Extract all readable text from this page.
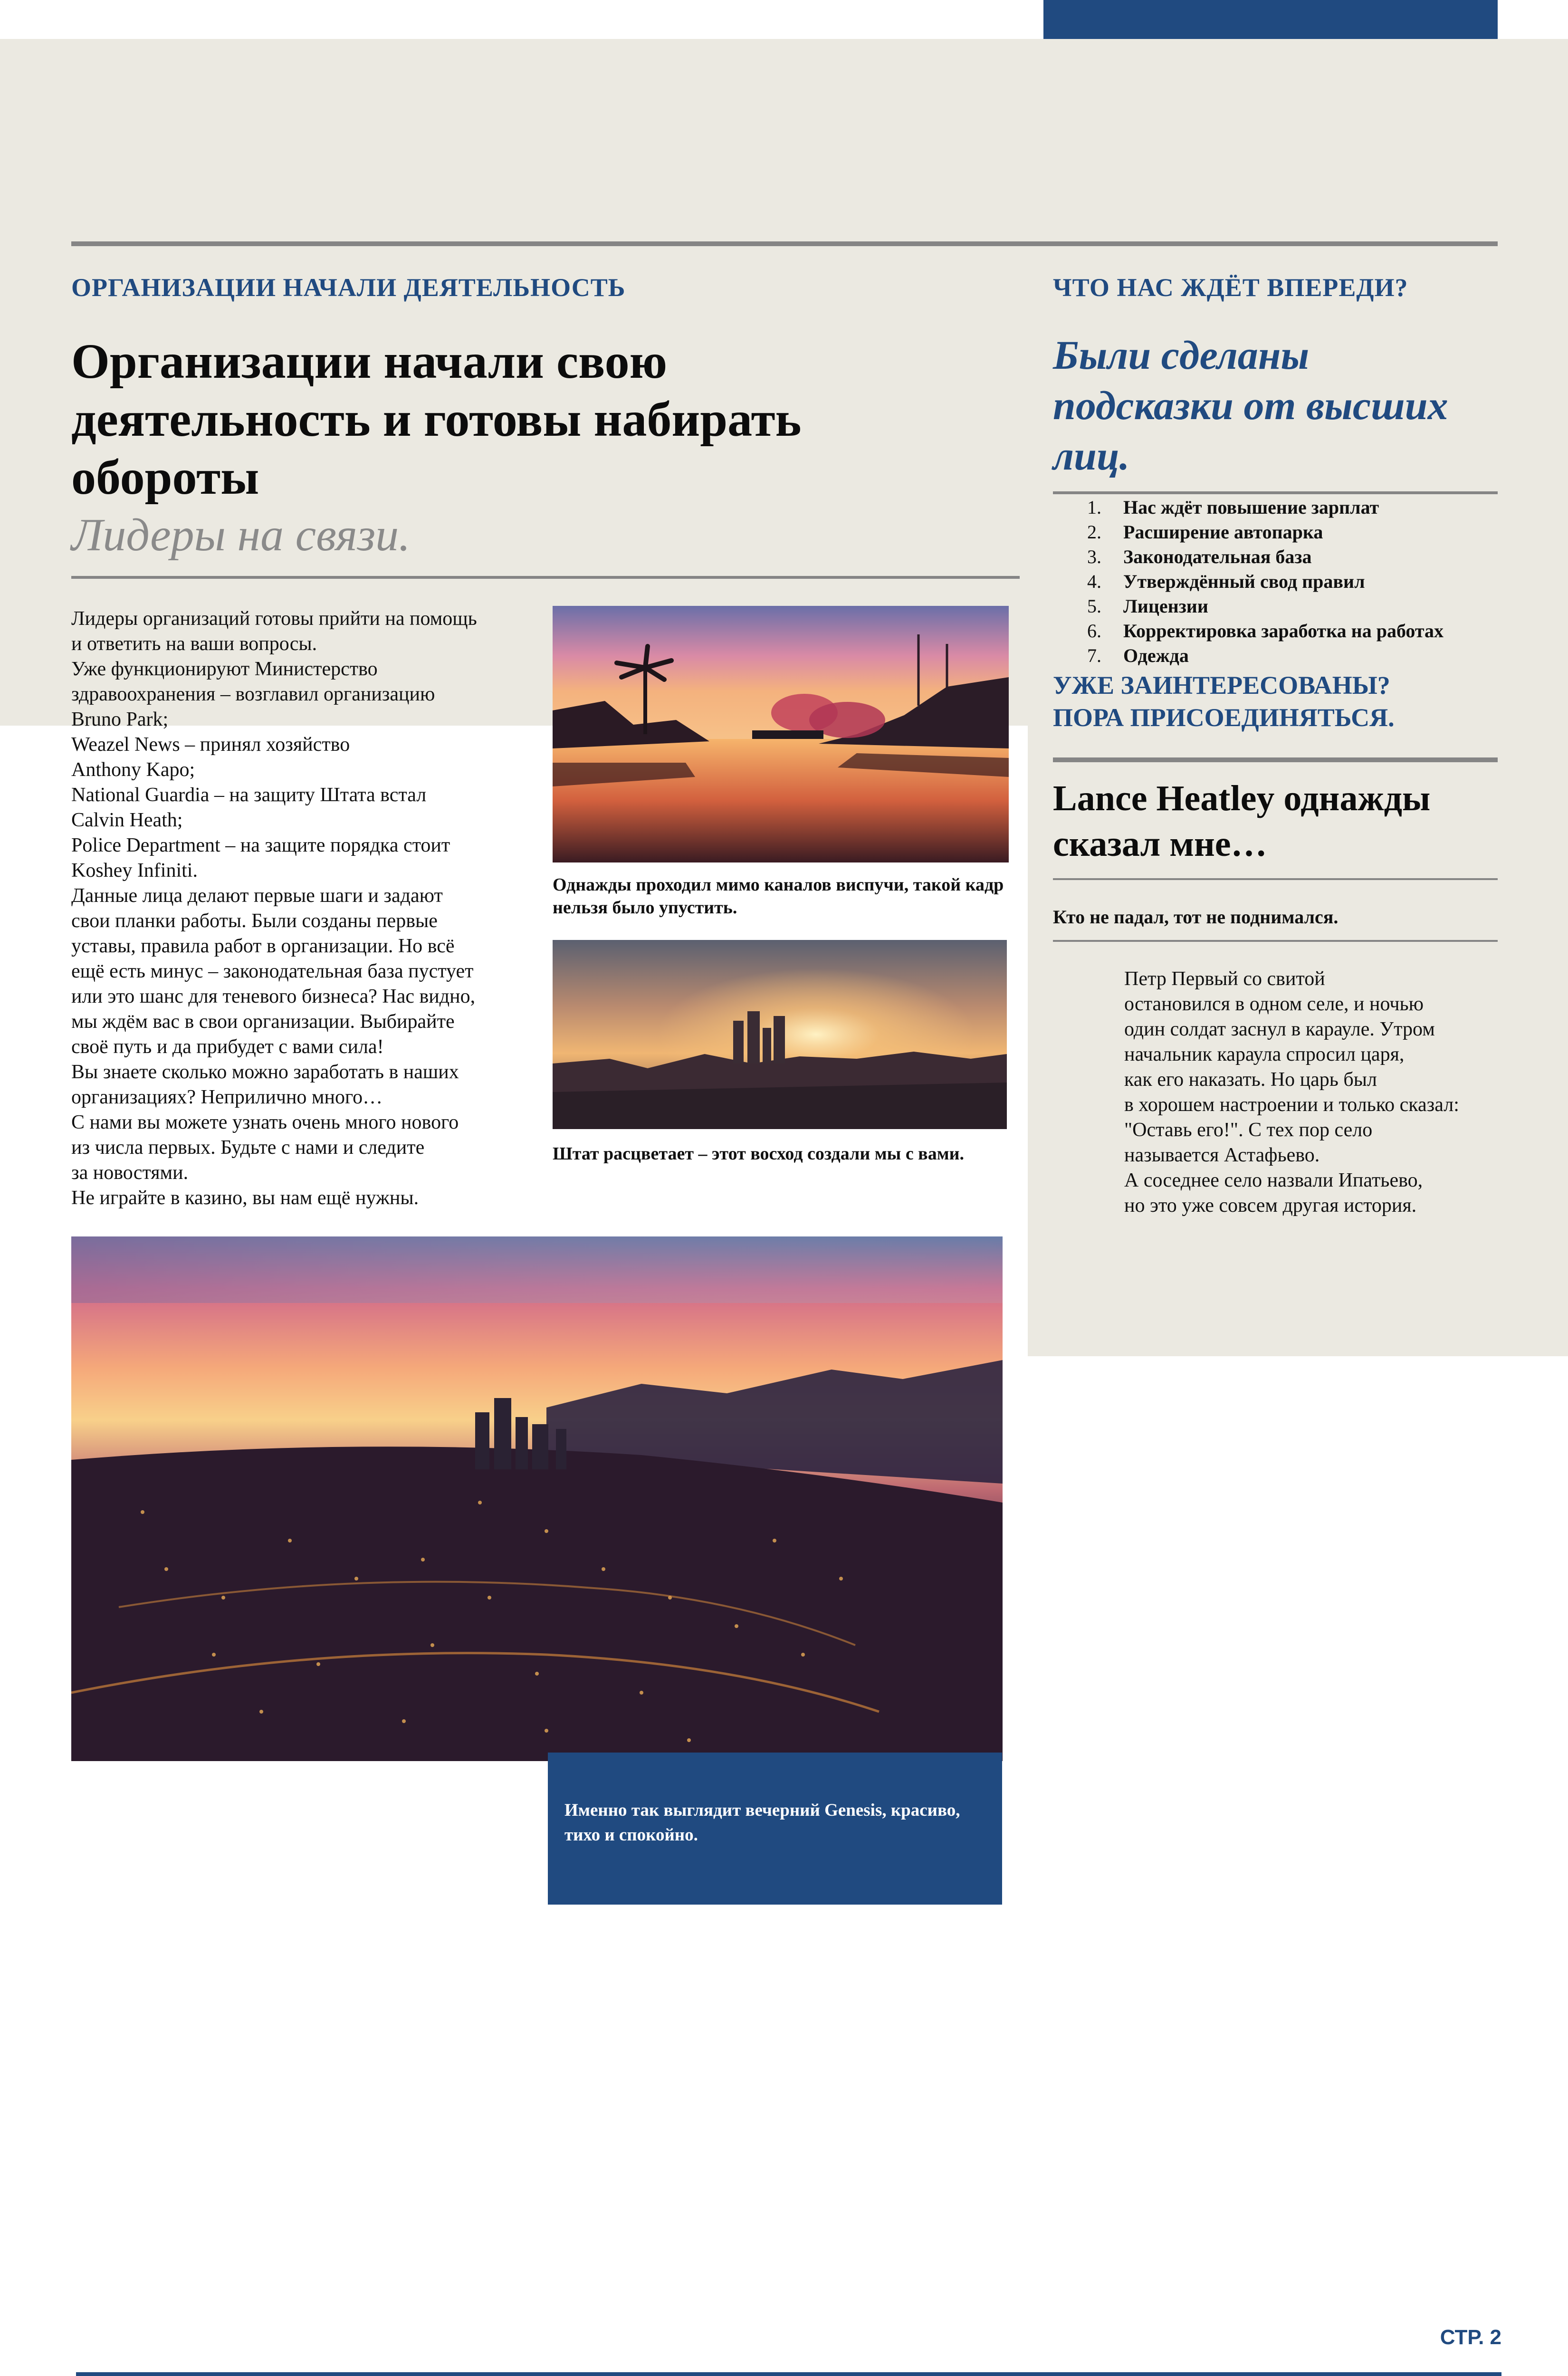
ОРГАНИЗАЦИИ НАЧАЛИ ДЕЯТЕЛЬНОСТЬ
Организации начали свою деятельность и готовы набирать обороты
Лидеры на связи.

Лидеры организаций готовы прийти на помощь

и ответить на ваши вопросы.

Уже функционируют Министерство

здравоохранения – возглавил организацию

Bruno Park;

Weazel News – принял хозяйство

Anthony Kapo;

National Guardia – на защиту Штата встал

Calvin Heath;

Police Department – на защите порядка стоит

Koshey Infiniti.

Данные лица делают первые шаги и задают

свои планки работы. Были созданы первые

уставы, правила работ в организации. Но всё

ещё есть минус – законодательная база пустует

или это шанс для теневого бизнеса? Нас видно,

мы ждём вас в свои организации. Выбирайте

своё путь и да прибудет с вами сила!

Вы знаете сколько можно заработать в наших

организациях? Неприлично много…

С нами вы можете узнать очень много нового

из числа первых. Будьте с нами и следите

за новостями.

Не играйте в казино, вы нам ещё нужны.

Однажды проходил мимо каналов виспучи, такой кадр нельзя было упустить.
Штат расцветает – этот восход создали мы с вами.
Именно так выглядит вечерний Genesis, красиво, тихо и спокойно.
ЧТО НАС ЖДЁТ ВПЕРЕДИ?
Были сделаны подсказки от высших лиц.
1.	Нас ждёт повышение зарплат
2.	Расширение автопарка
3.	Законодательная база
4.	Утверждённый свод правил
5.	Лицензии
6.	Корректировка заработка на работах
7.	Одежда
УЖЕ ЗАИНТЕРЕСОВАНЫ?
ПОРА ПРИСОЕДИНЯТЬСЯ.
Lance Heatley однажды сказал мне…
Кто не падал, тот не поднимался.

Петр Первый со свитой

остановился в одном селе, и ночью

один солдат заснул в карауле. Утром

начальник караула спросил царя,

как его наказать. Но царь был

в хорошем настроении и только сказал:

"Оставь его!". С тех пор село

называется Астафьево.

А соседнее село назвали Ипатьево,

но это уже совсем другая история.

СТР. 2
